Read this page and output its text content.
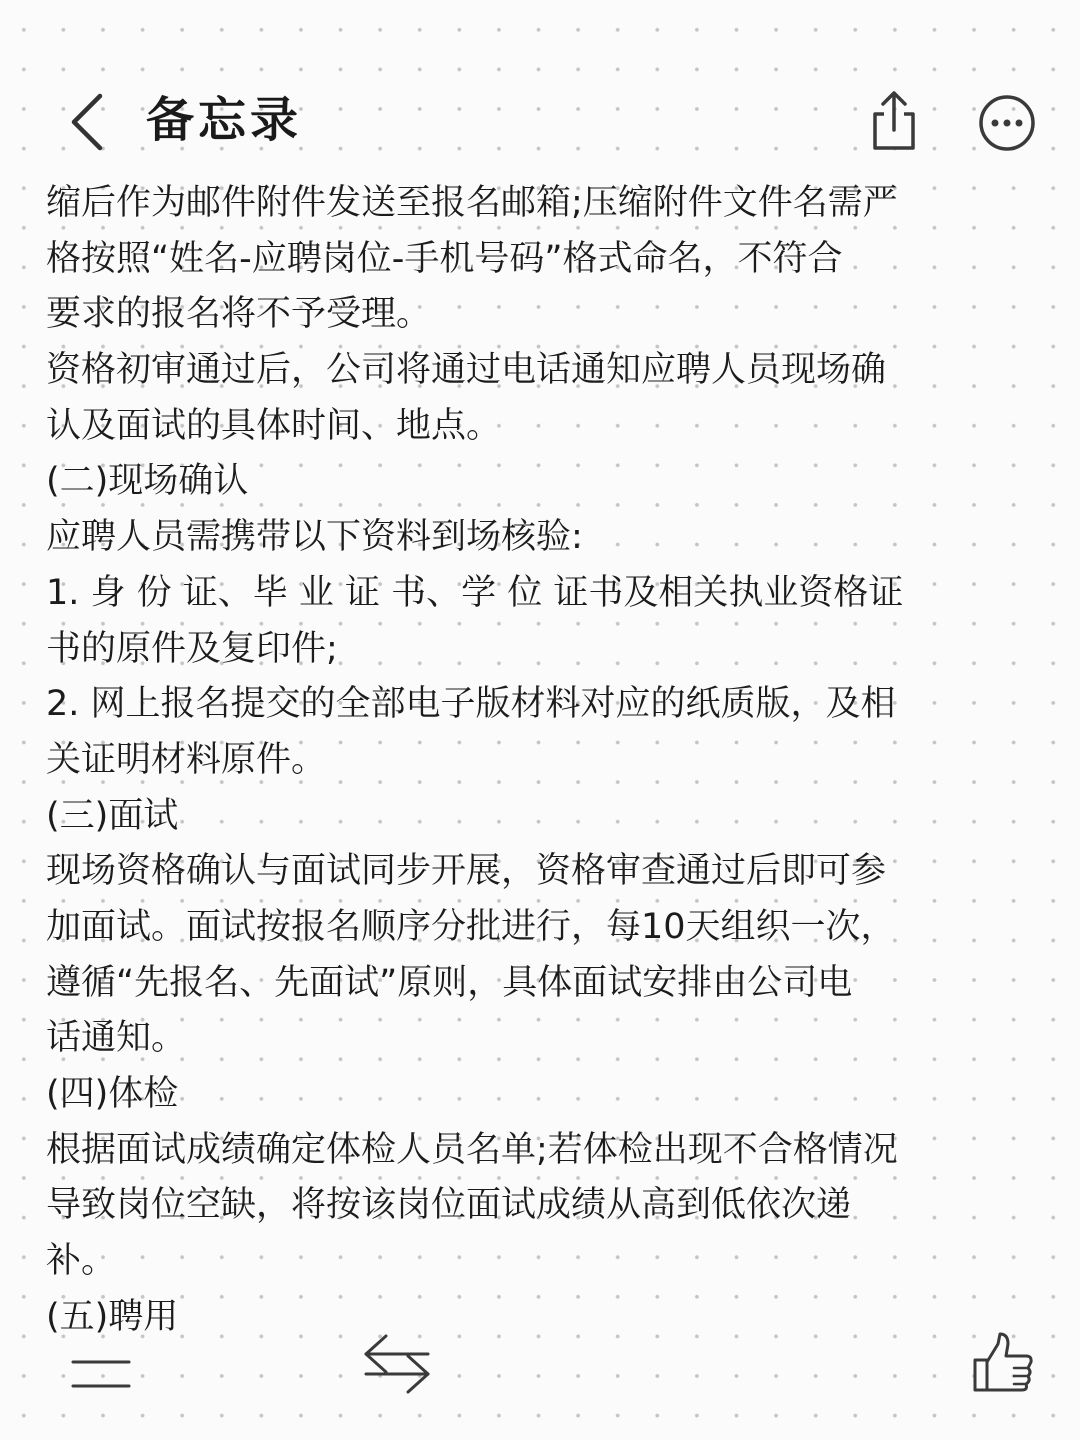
备忘录
缩后作为邮件附件发送至报名邮箱;压缩附件文件名需严
格按照“姓名-应聘岗位-手机号码”格式命名，不符合
要求的报名将不予受理。
资格初审通过后，公司将通过电话通知应聘人员现场确
认及面试的具体时间、地点。
(二)现场确认
应聘人员需携带以下资料到场核验:
1. 身 份 证、毕 业 证 书、学 位 证书及相关执业资格证
书的原件及复印件;
2. 网上报名提交的全部电子版材料对应的纸质版，及相
关证明材料原件。
(三)面试
现场资格确认与面试同步开展，资格审查通过后即可参
加面试。面试按报名顺序分批进行，每10天组织一次，
遵循“先报名、先面试”原则，具体面试安排由公司电
话通知。
(四)体检
根据面试成绩确定体检人员名单;若体检出现不合格情况
导致岗位空缺，将按该岗位面试成绩从高到低依次递
补。
(五)聘用
